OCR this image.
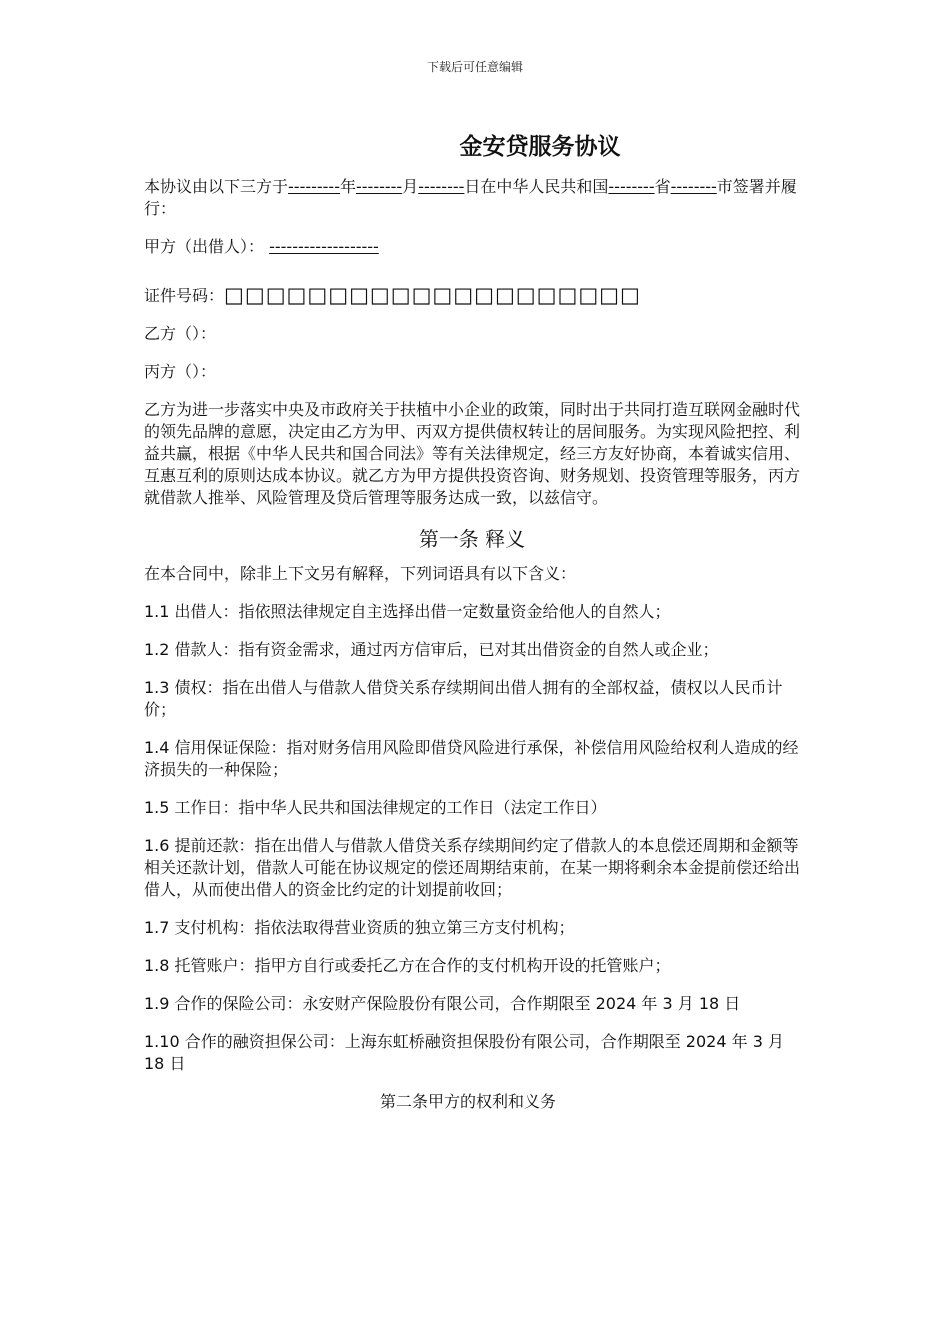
下载后可任意编辑
金安贷服务协议

本协议由以下三方于---------年--------月--------日在中华人民共和国--------省--------市签署并履行：

甲方（出借人）： -------------------

证件号码：□□□□□□□□□□□□□□□□□□□□

乙方（）：

丙方（）：

乙方为进一步落实中央及市政府关于扶植中小企业的政策，同时出于共同打造互联网金融时代的领先品牌的意愿，决定由乙方为甲、丙双方提供债权转让的居间服务。为实现风险把控、利益共赢，根据《中华人民共和国合同法》等有关法律规定，经三方友好协商，本着诚实信用、互惠互利的原则达成本协议。就乙方为甲方提供投资咨询、财务规划、投资管理等服务，丙方就借款人推举、风险管理及贷后管理等服务达成一致，以兹信守。

第一条 释义

在本合同中，除非上下文另有解释，下列词语具有以下含义：

1.1 出借人：指依照法律规定自主选择出借一定数量资金给他人的自然人；

1.2 借款人：指有资金需求，通过丙方信审后，已对其出借资金的自然人或企业；

1.3 债权：指在出借人与借款人借贷关系存续期间出借人拥有的全部权益，债权以人民币计价；

1.4 信用保证保险：指对财务信用风险即借贷风险进行承保，补偿信用风险给权利人造成的经济损失的一种保险；

1.5 工作日：指中华人民共和国法律规定的工作日（法定工作日）

1.6 提前还款：指在出借人与借款人借贷关系存续期间约定了借款人的本息偿还周期和金额等相关还款计划，借款人可能在协议规定的偿还周期结束前，在某一期将剩余本金提前偿还给出借人，从而使出借人的资金比约定的计划提前收回；

1.7 支付机构：指依法取得营业资质的独立第三方支付机构；

1.8 托管账户：指甲方自行或委托乙方在合作的支付机构开设的托管账户；

1.9 合作的保险公司：永安财产保险股份有限公司，合作期限至 2024 年 3 月 18 日

1.10 合作的融资担保公司：上海东虹桥融资担保股份有限公司，合作期限至 2024 年 3 月 18 日

第二条甲方的权利和义务
